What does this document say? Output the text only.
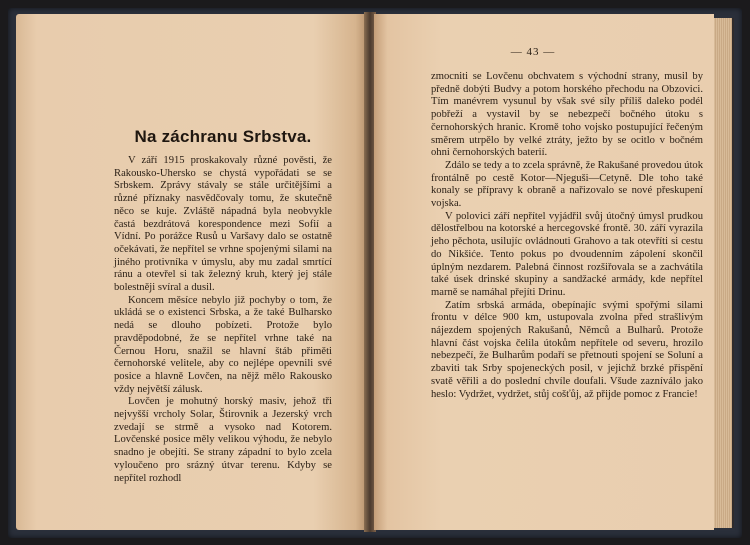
Na záchranu Srbstva.

V září 1915 proskakovaly různé pověsti, že Rakousko-Uhersko se chystá vypořádati se se Srbskem. Zprávy stávaly se stále určitějšími a různé příznaky nasvědčovaly tomu, že skutečně něco se kuje. Zvláště nápadná byla neobvykle častá bezdrátová korespondence mezi Sofií a Vídní. Po porážce Rusů u Varšavy dalo se ostatně očekávati, že nepřítel se vrhne spojenými silami na jiného protivníka v úmyslu, aby mu zadal smrtící ránu a otevřel si tak železný kruh, který jej stále bolestněji svíral a dusil.

Koncem měsíce nebylo již pochyby o tom, že ukládá se o existenci Srbska, a že také Bulharsko nedá se dlouho pobízeti. Protože bylo pravděpodobné, že se nepřítel vrhne také na Černou Horu, snažil se hlavní štáb přiměti černohorské velitele, aby co nejlépe opevnili své posice a hlavně Lovčen, na nějž mělo Rakousko vždy největší zálusk.

Lovčen je mohutný horský masiv, jehož tři nejvyšší vrcholy Solar, Štirovnik a Jezerský vrch zvedají se strmě a vysoko nad Kotorem. Lovčenské posice měly velikou výhodu, že nebylo snadno je obejíti. Se strany západní to bylo zcela vyloučeno pro srázný útvar terenu. Kdyby se nepřítel rozhodl

— 43 —

zmocniti se Lovčenu obchvatem s východní strany, musil by předně dobýti Budvy a potom horského přechodu na Obzovici. Tím manévrem vysunul by však své síly příliš daleko podél pobřeží a vystavil by se nebezpečí bočného útoku s černohorských hranic. Kromě toho vojsko postupující řečeným směrem utrpělo by velké ztráty, ježto by se ocitlo v bočném ohni černohorských baterií.

Zdálo se tedy a to zcela správně, že Rakušané provedou útok frontálně po cestě Kotor—Njeguši—Cetyně. Dle toho také konaly se přípravy k obraně a nařizovalo se nové přeskupení vojska.

V polovici září nepřítel vyjádřil svůj útočný úmysl prudkou dělostřelbou na kotorské a hercegovské frontě. 30. září vyrazila jeho pěchota, usilujíc ovládnouti Grahovo a tak otevříti si cestu do Nikšiće. Tento pokus po dvoudenním zápolení skončil úplným nezdarem. Palebná činnost rozšiřovala se a zachvátila také úsek drinské skupiny a sandžacké armády, kde nepřítel marně se namáhal přejíti Drinu.

Zatím srbská armáda, obepínajíc svými spořými silami frontu v délce 900 km, ustupovala zvolna před strašlivým nájezdem spojených Rakušanů, Němců a Bulharů. Protože hlavní část vojska čelila útokům nepřítele od severu, hrozilo nebezpečí, že Bulharům podaří se přetnouti spojení se Soluní a zbaviti tak Srby spojeneckých posil, v jejichž brzké přispění svatě věřili a do poslední chvíle doufali. Všude zazníválo jako heslo: Vydržet, vydržet, stůj cošťůj, až přijde pomoc z Francie!
